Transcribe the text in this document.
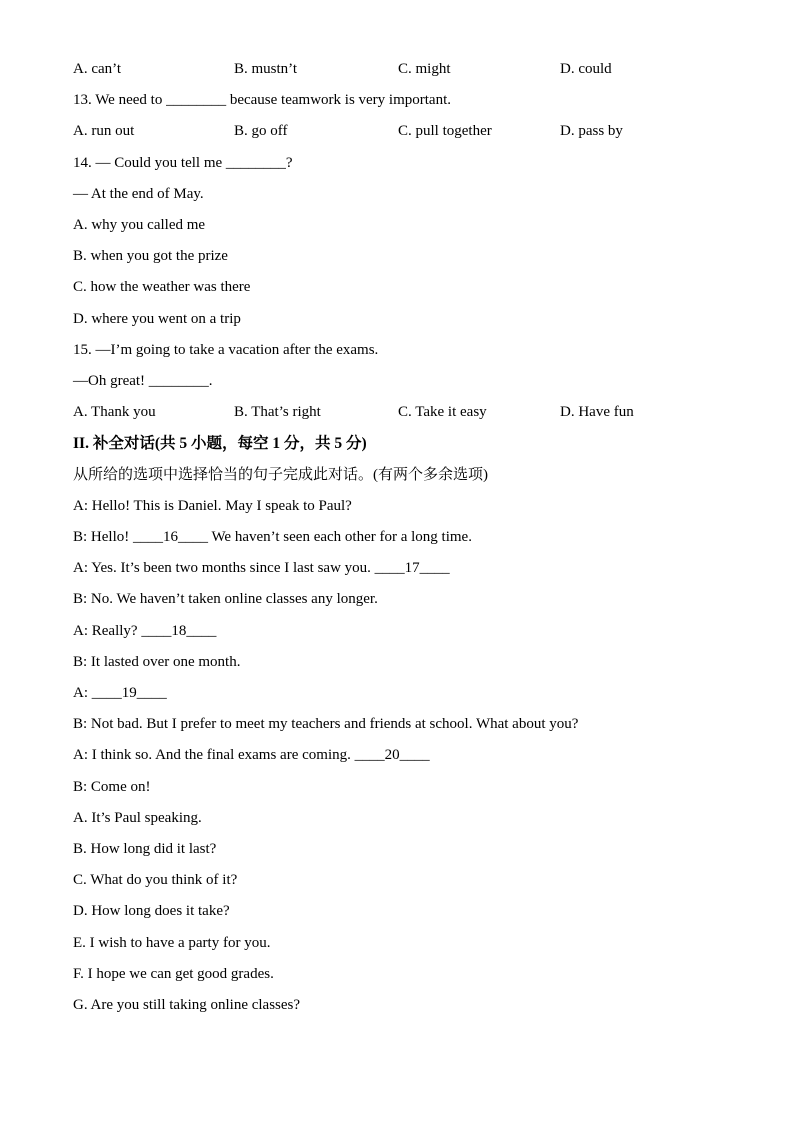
A. can’t	B. mustn’t	C. might	D. could
13. We need to ________ because teamwork is very important.
A. run out	B. go off	C. pull together	D. pass by
14. — Could you tell me ________?
— At the end of May.
A. why you called me
B. when you got the prize
C. how the weather was there
D. where you went on a trip
15. —I’m going to take a vacation after the exams.
—Oh great! ________.
A. Thank you	B. That’s right	C. Take it easy	D. Have fun
II. 补全对话(共 5 小题，每空 1 分，共 5 分)
从所给的选项中选择恰当的句子完成此对话。(有两个多余选项)
A: Hello! This is Daniel. May I speak to Paul?
B: Hello! ____16____ We haven’t seen each other for a long time.
A: Yes. It’s been two months since I last saw you. ____17____
B: No. We haven’t taken online classes any longer.
A: Really? ____18____
B: It lasted over one month.
A: ____19____
B: Not bad. But I prefer to meet my teachers and friends at school. What about you?
A: I think so. And the final exams are coming. ____20____
B: Come on!
A. It’s Paul speaking.
B. How long did it last?
C. What do you think of it?
D. How long does it take?
E. I wish to have a party for you.
F. I hope we can get good grades.
G. Are you still taking online classes?
